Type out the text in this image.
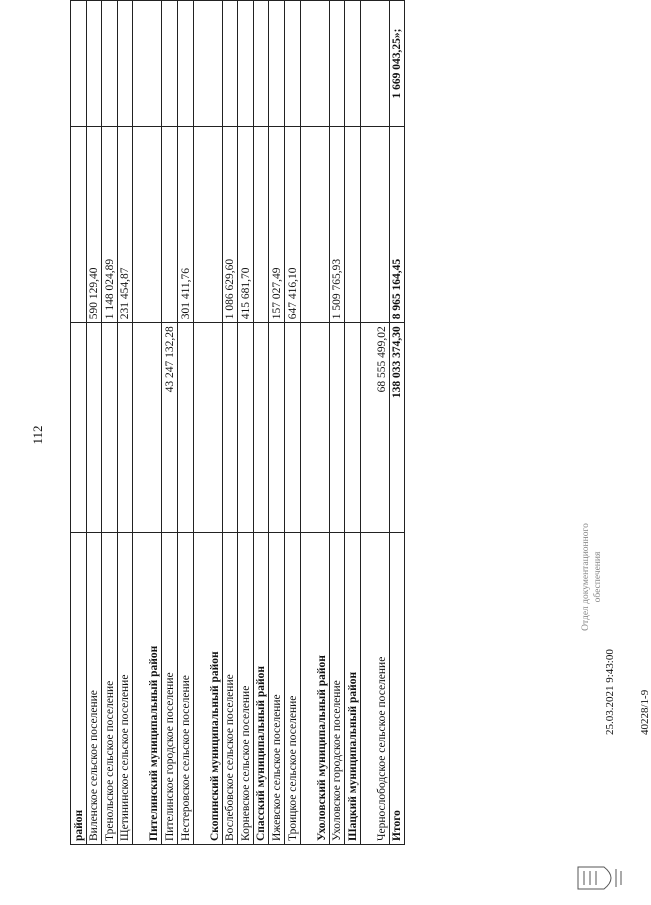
112
район			
Виленское сельское поселение		590 129,40	
Тренольское сельское поселение		1 148 024,89	
Щетининское сельское поселение		231 454,87	
Пителинский муниципальный район			
Пителинское городское поселение	43 247 132,28		
Нестеровское сельское поселение		301 411,76	
Скопинский муниципальный район			
Вослебовское сельское поселение		1 086 629,60	
Корневское сельское поселение		415 681,70	
Спасский муниципальный район			
Ижевское сельское поселение		157 027,49	
Троицкое сельское поселение		647 416,10	
Ухоловский муниципальный район			
Ухоловское городское поселение		1 509 765,93	
Шацкий муниципальный район			
Чернослободское сельское поселение	68 555 499,02		
Итого	138 033 374,30	8 965 164,45	1 669 043,25»;
25.03.2021 9:43:00 40228/1-9
Отдел документационного обеспечения
